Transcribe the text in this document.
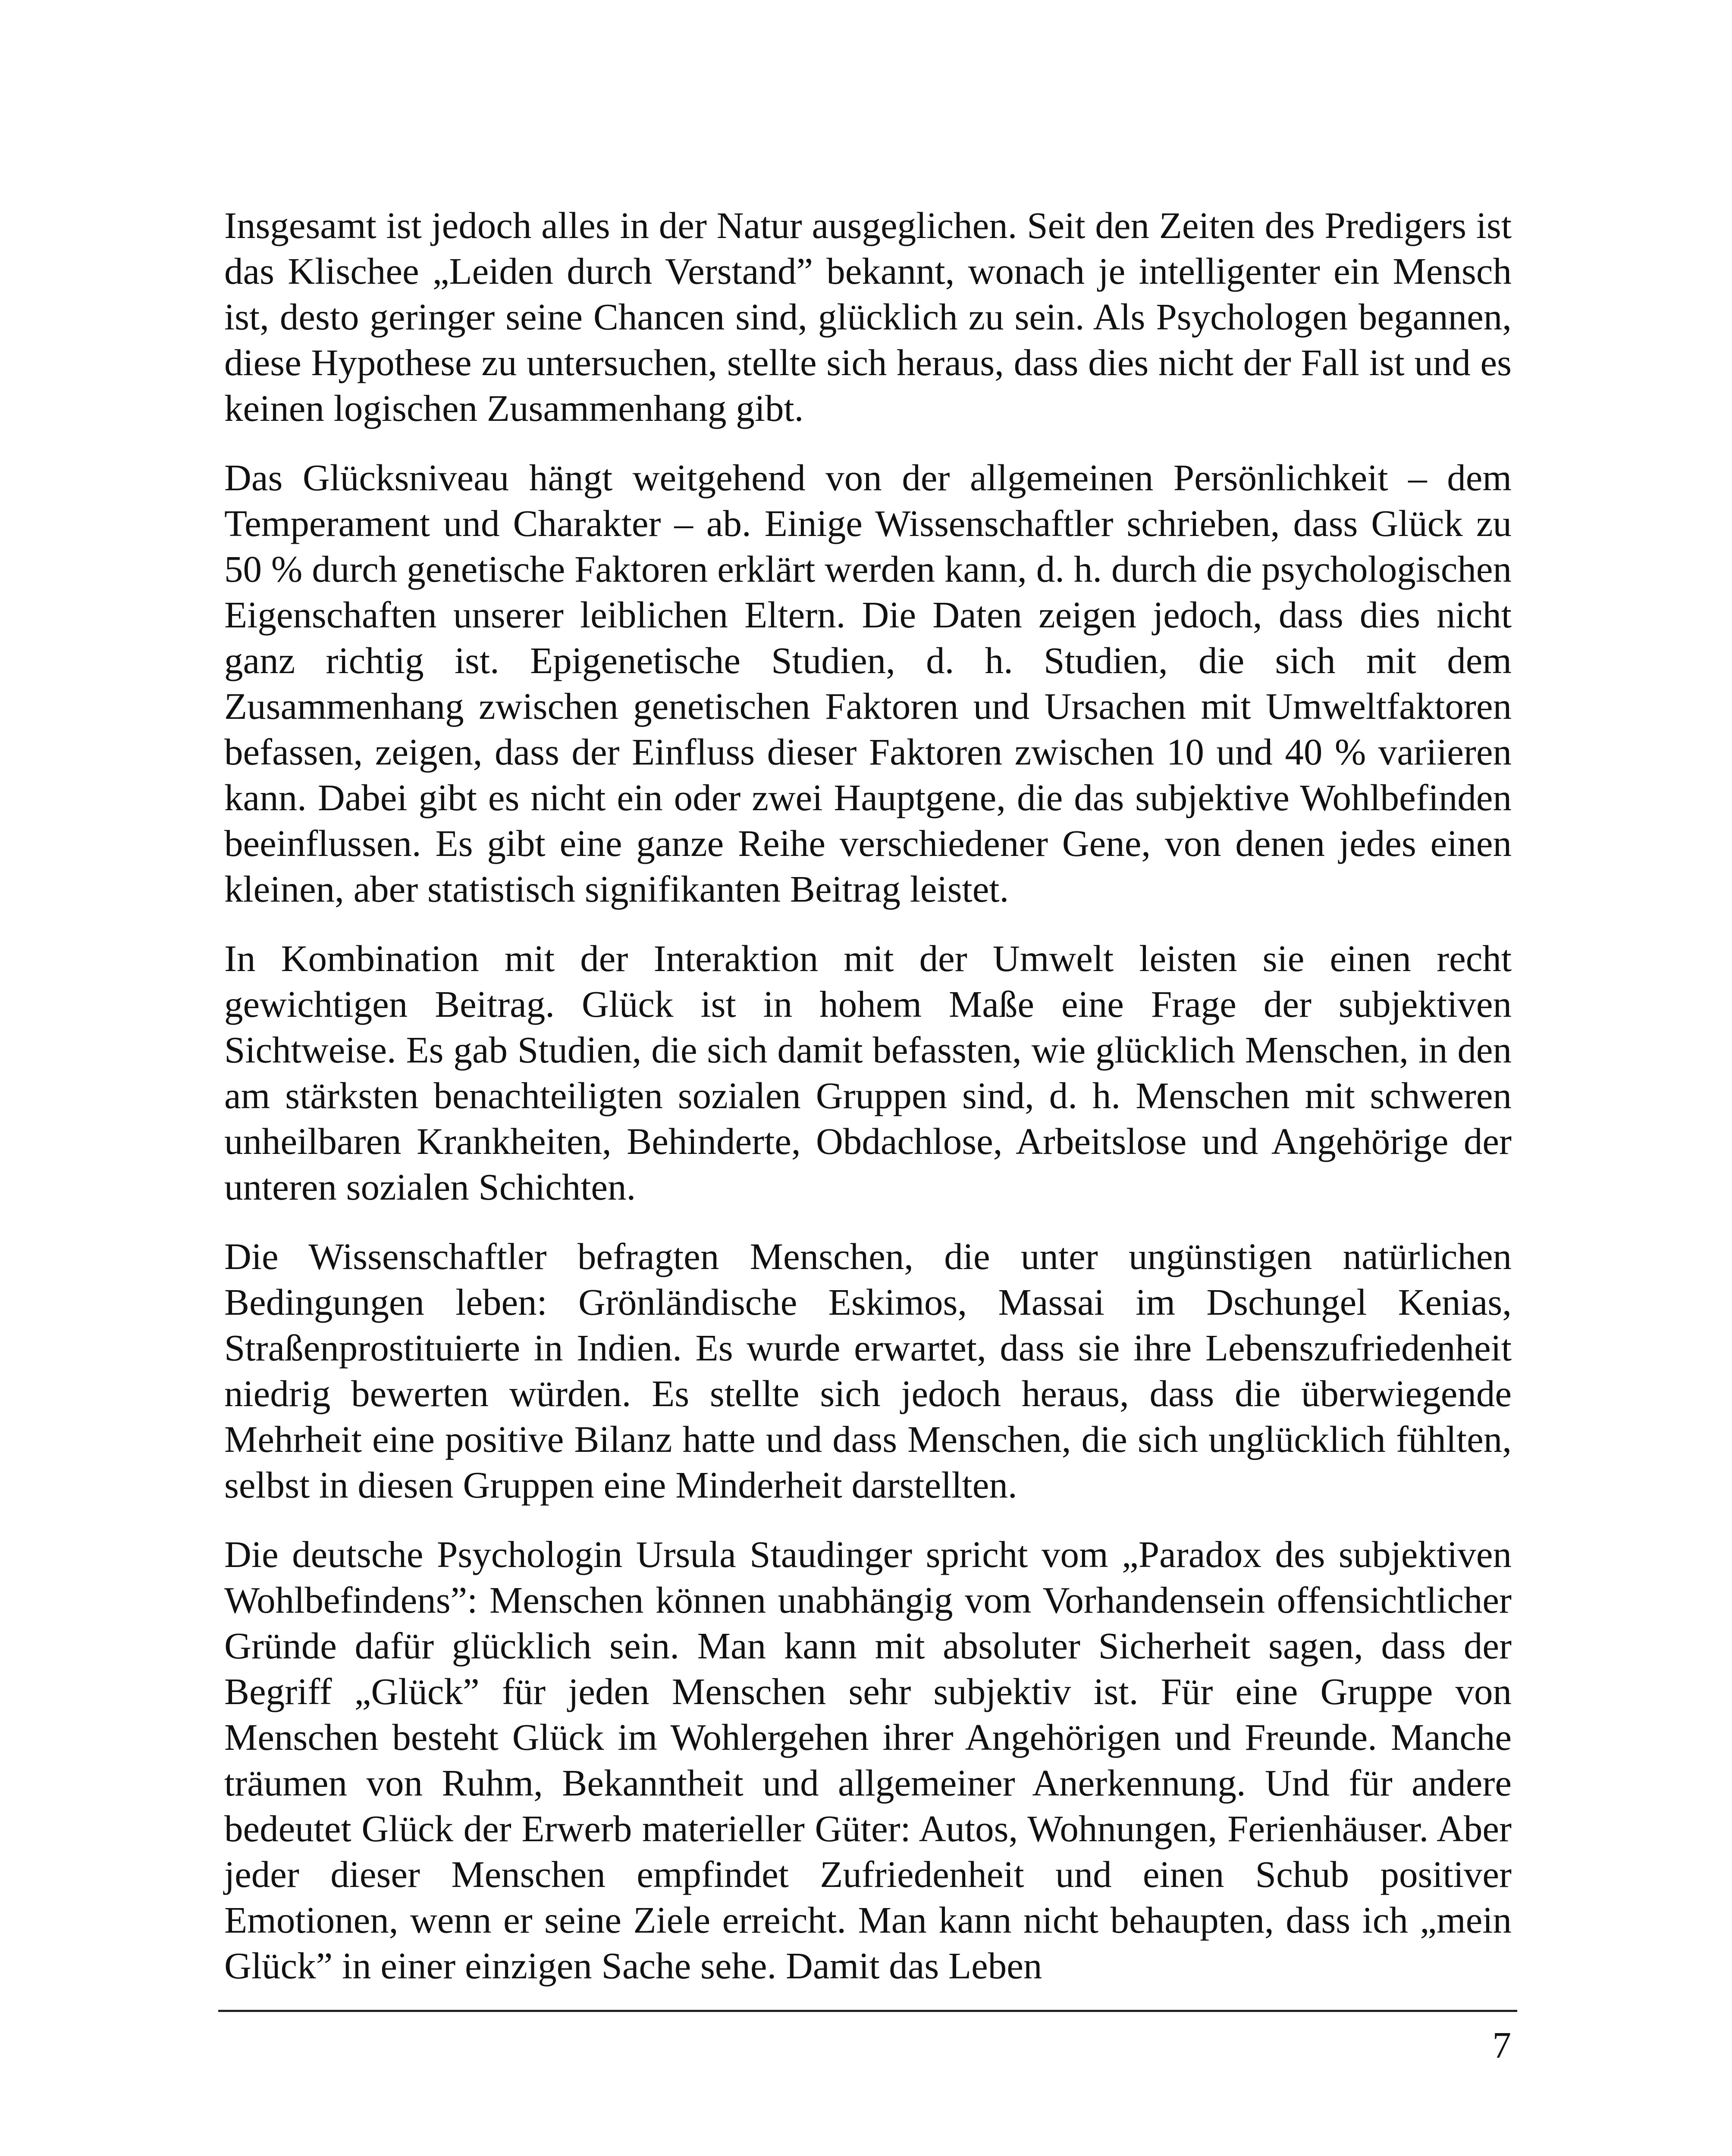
Insgesamt ist jedoch alles in der Natur ausgeglichen. Seit den Zeiten des Predigers ist das Klischee „Leiden durch Verstand” bekannt, wonach je intelligenter ein Mensch ist, desto geringer seine Chancen sind, glücklich zu sein. Als Psychologen begannen, diese Hypothese zu untersuchen, stellte sich heraus, dass dies nicht der Fall ist und es keinen logischen Zusammenhang gibt.

Das Glücksniveau hängt weitgehend von der allgemeinen Persönlichkeit – dem Temperament und Charakter – ab. Einige Wissenschaftler schrieben, dass Glück zu 50 % durch genetische Faktoren erklärt werden kann, d. h. durch die psychologischen Eigenschaften unserer leiblichen Eltern. Die Daten zeigen jedoch, dass dies nicht ganz richtig ist. Epigenetische Studien, d. h. Studien, die sich mit dem Zusammenhang zwischen genetischen Faktoren und Ursachen mit Umweltfaktoren befassen, zeigen, dass der Einfluss dieser Faktoren zwischen 10 und 40 % variieren kann. Dabei gibt es nicht ein oder zwei Hauptgene, die das subjektive Wohlbefinden beeinflussen. Es gibt eine ganze Reihe verschiedener Gene, von denen jedes einen kleinen, aber statistisch signifikanten Beitrag leistet.

In Kombination mit der Interaktion mit der Umwelt leisten sie einen recht gewichtigen Beitrag. Glück ist in hohem Maße eine Frage der subjektiven Sichtweise. Es gab Studien, die sich damit befassten, wie glücklich Menschen, in den am stärksten benachteiligten sozialen Gruppen sind, d. h. Menschen mit schweren unheilbaren Krankheiten, Behinderte, Obdachlose, Arbeitslose und Angehörige der unteren sozialen Schichten.

Die Wissenschaftler befragten Menschen, die unter ungünstigen natürlichen Bedingungen leben: Grönländische Eskimos, Massai im Dschungel Kenias, Straßenprostituierte in Indien. Es wurde erwartet, dass sie ihre Lebenszufriedenheit niedrig bewerten würden. Es stellte sich jedoch heraus, dass die überwiegende Mehrheit eine positive Bilanz hatte und dass Menschen, die sich unglücklich fühlten, selbst in diesen Gruppen eine Minderheit darstellten.

Die deutsche Psychologin Ursula Staudinger spricht vom „Paradox des subjektiven Wohlbefindens”: Menschen können unabhängig vom Vorhandensein offensichtlicher Gründe dafür glücklich sein. Man kann mit absoluter Sicherheit sagen, dass der Begriff „Glück” für jeden Menschen sehr subjektiv ist. Für eine Gruppe von Menschen besteht Glück im Wohlergehen ihrer Angehörigen und Freunde. Manche träumen von Ruhm, Bekanntheit und allgemeiner Anerkennung. Und für andere bedeutet Glück der Erwerb materieller Güter: Autos, Wohnungen, Ferienhäuser. Aber jeder dieser Menschen empfindet Zufriedenheit und einen Schub positiver Emotionen, wenn er seine Ziele erreicht. Man kann nicht behaupten, dass ich „mein Glück” in einer einzigen Sache sehe. Damit das Leben

7
